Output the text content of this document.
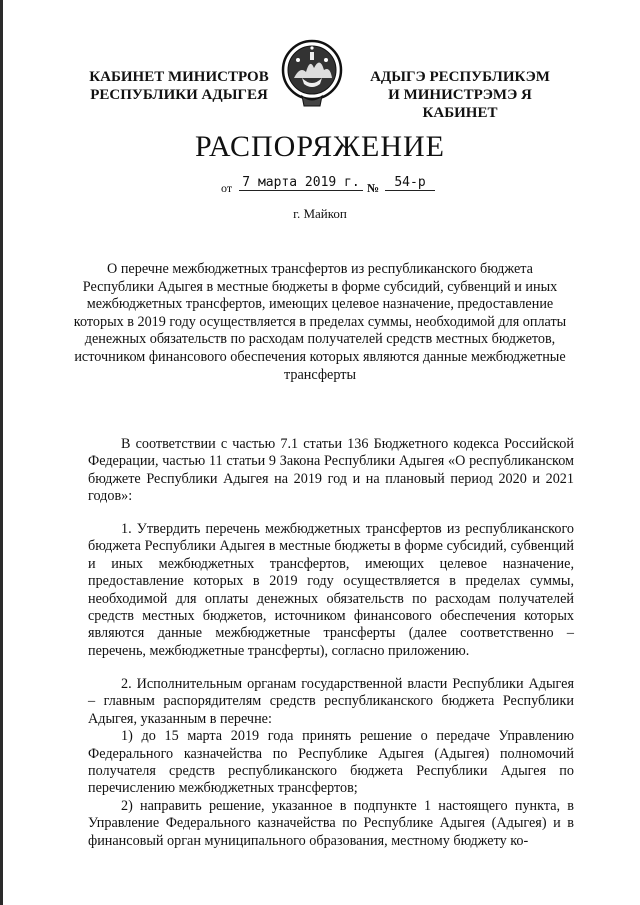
КАБИНЕТ МИНИСТРОВ
РЕСПУБЛИКИ АДЫГЕЯ
АДЫГЭ РЕСПУБЛИКЭМ
И МИНИСТРЭМЭ Я КАБИНЕТ
РАСПОРЯЖЕНИЕ
от 7 марта 2019 г. №	54-р
г. Майкоп
О перечне межбюджетных трансфертов из республиканского бюджета Республики Адыгея в местные бюджеты в форме субсидий, субвенций и иных межбюджетных трансфертов, имеющих целевое назначение, предоставление которых в 2019 году осуществляется в пределах суммы, необходимой для оплаты денежных обязательств по расходам получателей средств местных бюджетов, источником финансового обеспечения которых являются данные межбюджетные трансферты

В соответствии с частью 7.1 статьи 136 Бюджетного кодекса Российской Федерации, частью 11 статьи 9 Закона Республики Адыгея «О республиканском бюджете Республики Адыгея на 2019 год и на плановый период 2020 и 2021 годов»:

1. Утвердить перечень межбюджетных трансфертов из республиканского бюджета Республики Адыгея в местные бюджеты в форме субсидий, субвенций и иных межбюджетных трансфертов, имеющих целевое назначение, предоставление которых в 2019 году осуществляется в пределах суммы, необходимой для оплаты денежных обязательств по расходам получателей средств местных бюджетов, источником финансового обеспечения которых являются данные межбюджетные трансферты (далее соответственно – перечень, межбюджетные трансферты), согласно приложению.

2. Исполнительным органам государственной власти Республики Адыгея – главным распорядителям средств республиканского бюджета Республики Адыгея, указанным в перечне:

1) до 15 марта 2019 года принять решение о передаче Управлению Федерального казначейства по Республике Адыгея (Адыгея) полномочий получателя средств республиканского бюджета Республики Адыгея по перечислению межбюджетных трансфертов;

2) направить решение, указанное в подпункте 1 настоящего пункта, в Управление Федерального казначейства по Республике Адыгея (Адыгея) и в финансовый орган муниципального образования, местному бюджету ко-
